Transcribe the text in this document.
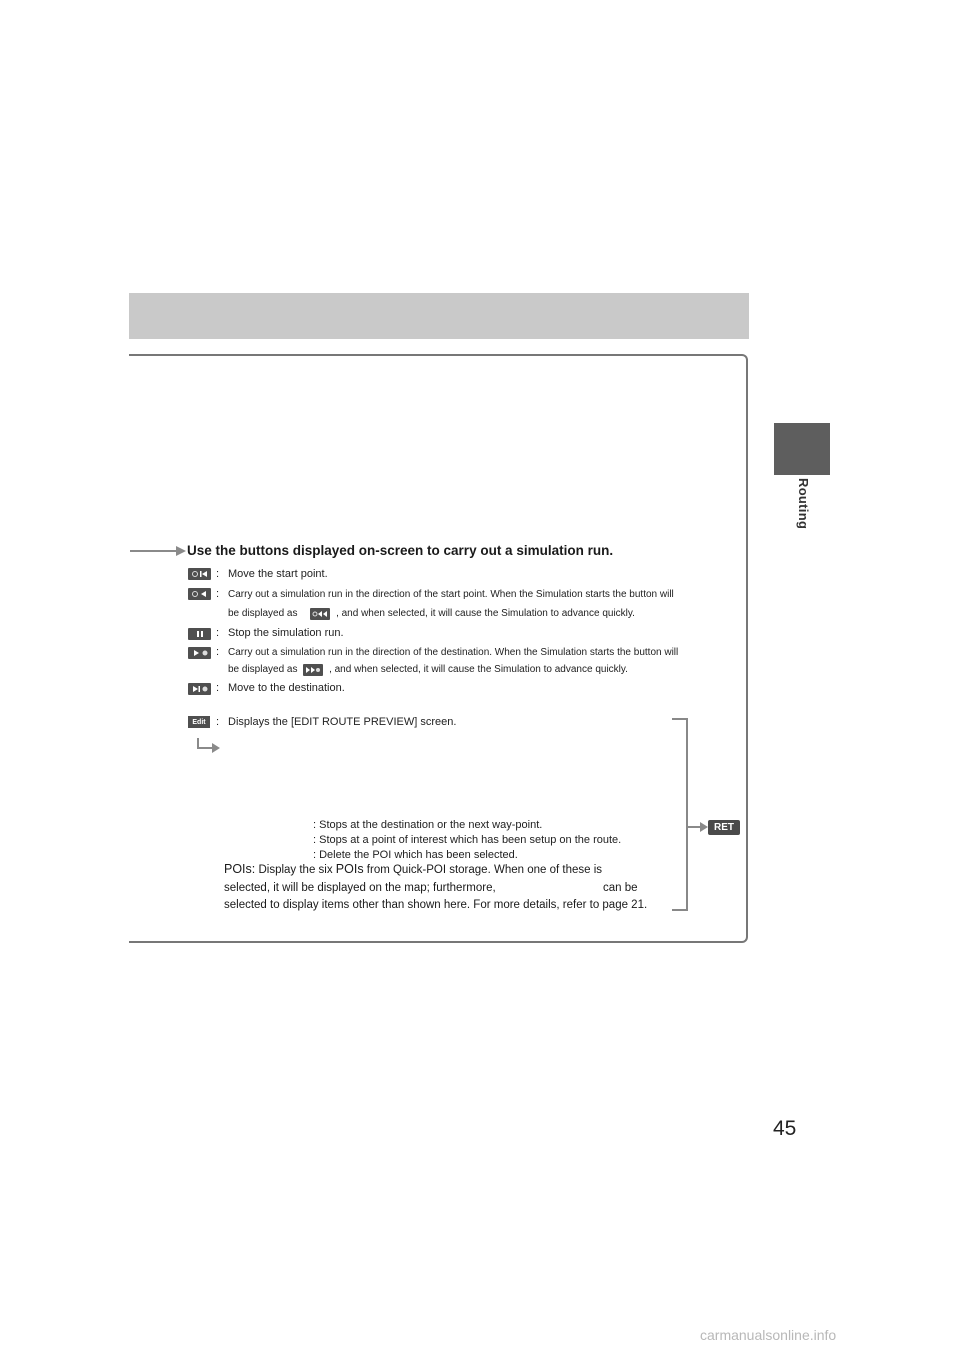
Routing
Use the buttons displayed on-screen to carry out a simulation run.
: Move the start point.
: Carry out a simulation run in the direction of the start point. When the Simulation starts the button will
be displayed as	, and when selected, it will cause the Simulation to advance quickly.
: Stop the simulation run.
: Carry out a simulation run in the direction of the destination. When the Simulation starts the button will
be displayed as	, and when selected, it will cause the Simulation to advance quickly.
: Move to the destination.
Edit : Displays the [EDIT ROUTE PREVIEW] screen.
: Stops at the destination or the next way-point.
: Stops at a point of interest which has been setup on the route.
: Delete the POI which has been selected.
POIs: Display the six POIs from Quick-POI storage. When one of these is
selected, it will be displayed on the map; furthermore,	can be
selected to display items other than shown here. For more details, refer to page 21.
RET
45
carmanualsonline.info
